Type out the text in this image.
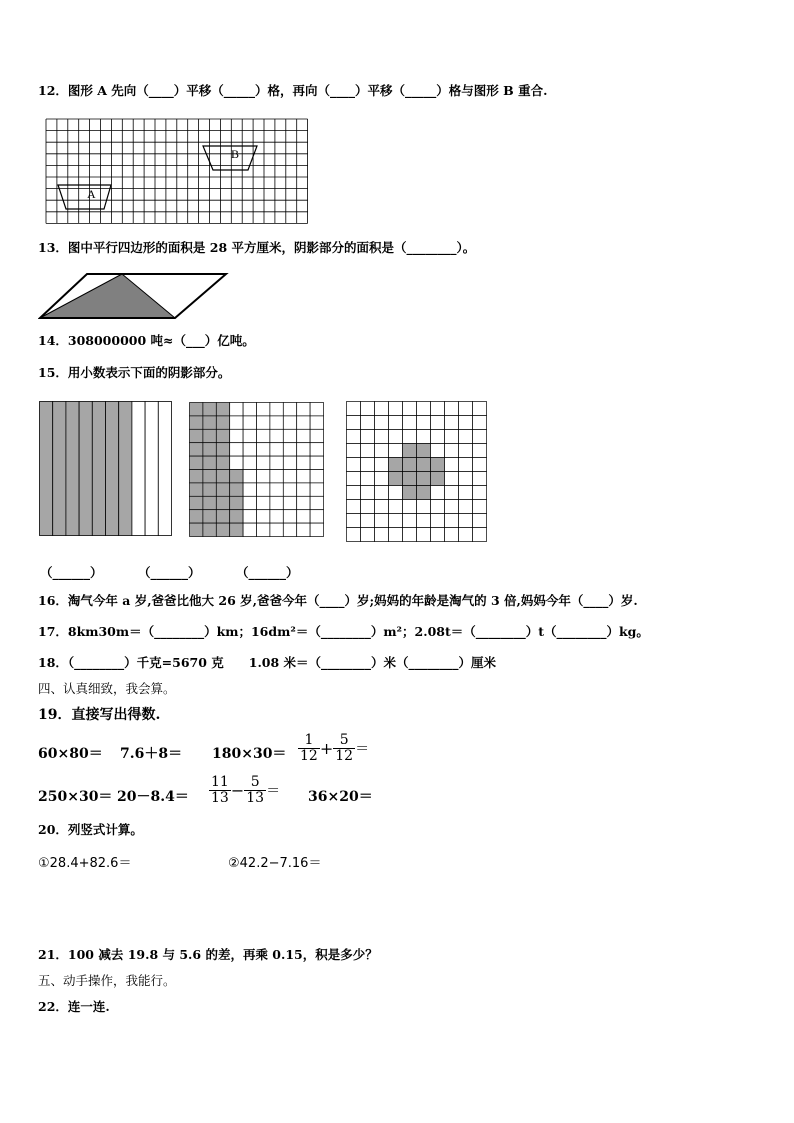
12．图形 A 先向（____）平移（_____）格，再向（____）平移（_____）格与图形 B 重合.
A
B
13．图中平行四边形的面积是 28 平方厘米，阴影部分的面积是（________）。
14．308000000 吨≈（___）亿吨。
15．用小数表示下面的阴影部分。
（______）	（______）	（______）
16．淘气今年 a 岁,爸爸比他大 26 岁,爸爸今年（____）岁;妈妈的年龄是淘气的 3 倍,妈妈今年（____）岁.
17．8km30m＝（________）km；16dm²＝（________）m²；2.08t＝（________）t（________）kg。
18．（________）千克=5670 克　　1.08 米＝（________）米（________）厘米
四、认真细致，我会算。
19．直接写出得数.
$60\times 80= 7.6+8= 180\times 30= \frac{1}{12} + \frac{5}{12}$ ＝
$250\times 30= 20-8.4= \frac{11}{13} - \frac{5}{13} = 36\times 20=$
20．列竖式计算。
①28.4+82.6＝	②42.2−7.16＝
21．100 减去 19.8 与 5.6 的差，再乘 0.15，积是多少？
五、动手操作，我能行。
22．连一连.
